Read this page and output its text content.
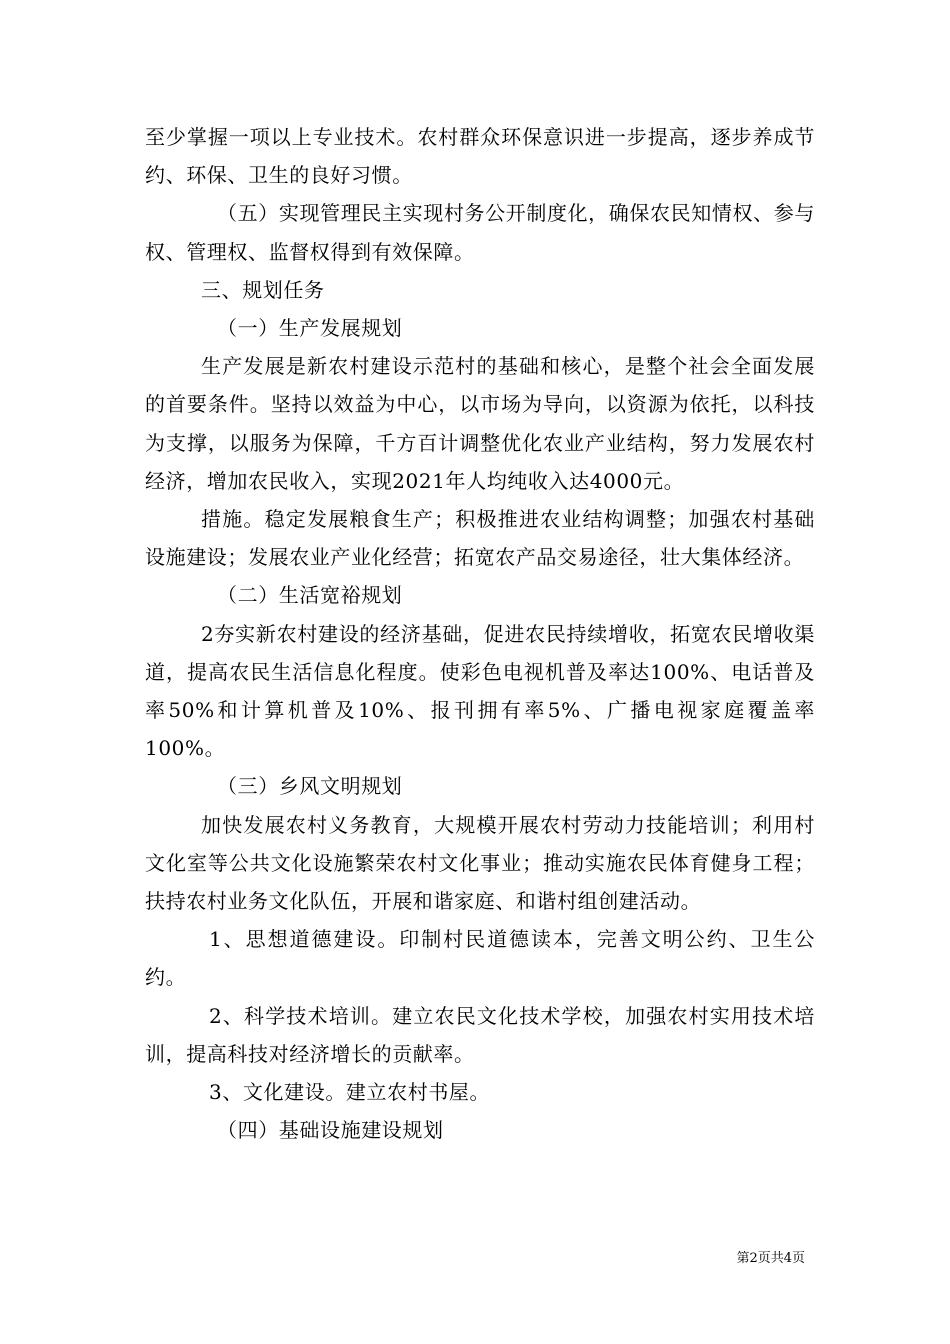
至少掌握一项以上专业技术。农村群众环保意识进一步提高，逐步养成节约、环保、卫生的良好习惯。

（五）实现管理民主实现村务公开制度化，确保农民知情权、参与权、管理权、监督权得到有效保障。

三、规划任务

（一）生产发展规划

生产发展是新农村建设示范村的基础和核心，是整个社会全面发展的首要条件。坚持以效益为中心，以市场为导向，以资源为依托，以科技为支撑，以服务为保障，千方百计调整优化农业产业结构，努力发展农村经济，增加农民收入，实现2021年人均纯收入达4000元。

措施。稳定发展粮食生产；积极推进农业结构调整；加强农村基础设施建设；发展农业产业化经营；拓宽农产品交易途径，壮大集体经济。

（二）生活宽裕规划

2夯实新农村建设的经济基础，促进农民持续增收，拓宽农民增收渠道，提高农民生活信息化程度。使彩色电视机普及率达100%、电话普及率50%和计算机普及10%、报刊拥有率5%、广播电视家庭覆盖率100%。

（三）乡风文明规划

加快发展农村义务教育，大规模开展农村劳动力技能培训；利用村文化室等公共文化设施繁荣农村文化事业；推动实施农民体育健身工程；扶持农村业务文化队伍，开展和谐家庭、和谐村组创建活动。

1、思想道德建设。印制村民道德读本，完善文明公约、卫生公约。

2、科学技术培训。建立农民文化技术学校，加强农村实用技术培训，提高科技对经济增长的贡献率。

3、文化建设。建立农村书屋。

（四）基础设施建设规划

第2页共4页
